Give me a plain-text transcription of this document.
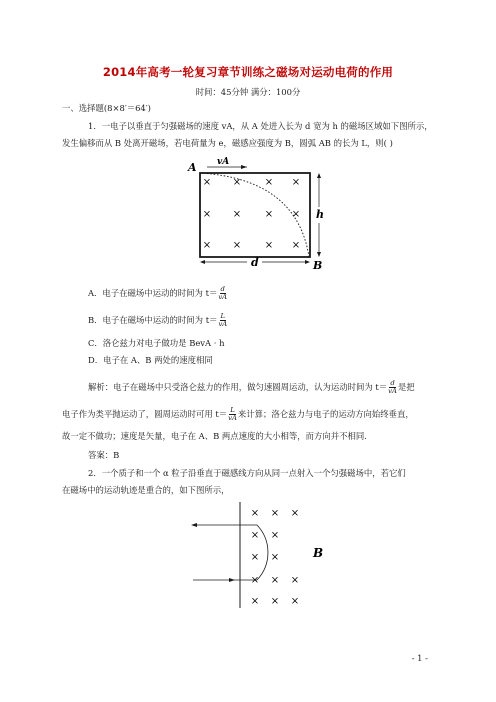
2014年高考一轮复习章节训练之磁场对运动电荷的作用
时间：45分钟 满分：100分
一、选择题(8×8′＝64′)
1．一电子以垂直于匀强磁场的速度 vA，从 A 处进入长为 d 宽为 h 的磁场区域如下图所示，
发生偏移而从 B 处离开磁场，若电荷量为 e，磁感应强度为 B，圆弧 AB 的长为 L，则( )
A vA
h
B
d
× × × ×
× × × ×
× × × ×
A．电子在磁场中运动的时间为 $t= \frac{d}{vA}$
B．电子在磁场中运动的时间为 $t= \frac{L}{vA}$
C．洛仑兹力对电子做功是 BevA · h
D．电子在 A、B 两处的速度相同
解析：电子在磁场中只受洛仑兹力的作用，做匀速圆周运动，认为运动时间为 $t= \frac{d}{vA}$ 是把
电子作为类平抛运动了，圆周运动时可用 $t= \frac{L}{vA}$ 来计算；洛仑兹力与电子的运动方向始终垂直，
故一定不做功；速度是矢量，电子在 A、B 两点速度的大小相等，而方向并不相同.
答案：B
2．一个质子和一个 α 粒子沿垂直于磁感线方向从同一点射入一个匀强磁场中，若它们
在磁场中的运动轨迹是重合的，如下图所示，
B
× × ×
× ×
× ×
× × ×
× × ×
- 1 -
